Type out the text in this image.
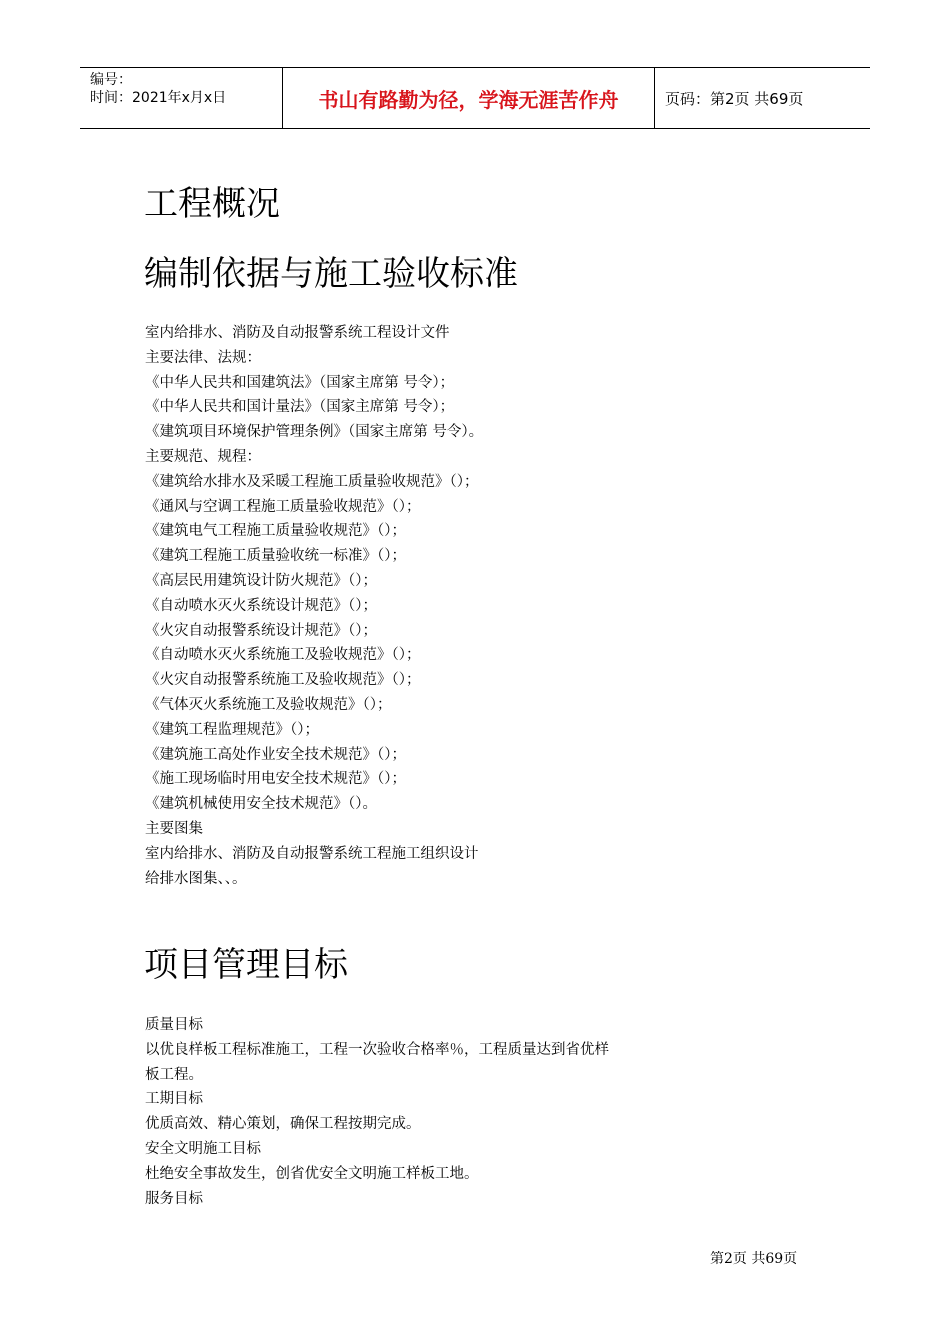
编号：
时间：2021年x月x日	书山有路勤为径，学海无涯苦作舟	页码：第2页 共69页
工程概况
编制依据与施工验收标准
室内给排水、消防及自动报警系统工程设计文件
主要法律、法规：
《中华人民共和国建筑法》（国家主席第 号令）；
《中华人民共和国计量法》（国家主席第 号令）；
《建筑项目环境保护管理条例》（国家主席第 号令）。
主要规范、规程：
《建筑给水排水及采暖工程施工质量验收规范》（）；
《通风与空调工程施工质量验收规范》（）；
《建筑电气工程施工质量验收规范》（）；
《建筑工程施工质量验收统一标准》（）；
《高层民用建筑设计防火规范》（）；
《自动喷水灭火系统设计规范》（）；
《火灾自动报警系统设计规范》（）；
《自动喷水灭火系统施工及验收规范》（）；
《火灾自动报警系统施工及验收规范》（）；
《气体灭火系统施工及验收规范》（）；
《建筑工程监理规范》（）；
《建筑施工高处作业安全技术规范》（）；
《施工现场临时用电安全技术规范》（）；
《建筑机械使用安全技术规范》（）。
主要图集
室内给排水、消防及自动报警系统工程施工组织设计
给排水图集、、。
项目管理目标
质量目标
以优良样板工程标准施工，工程一次验收合格率％，工程质量达到省优样
板工程。
工期目标
优质高效、精心策划，确保工程按期完成。
安全文明施工目标
杜绝安全事故发生，创省优安全文明施工样板工地。
服务目标
第2页 共69页
